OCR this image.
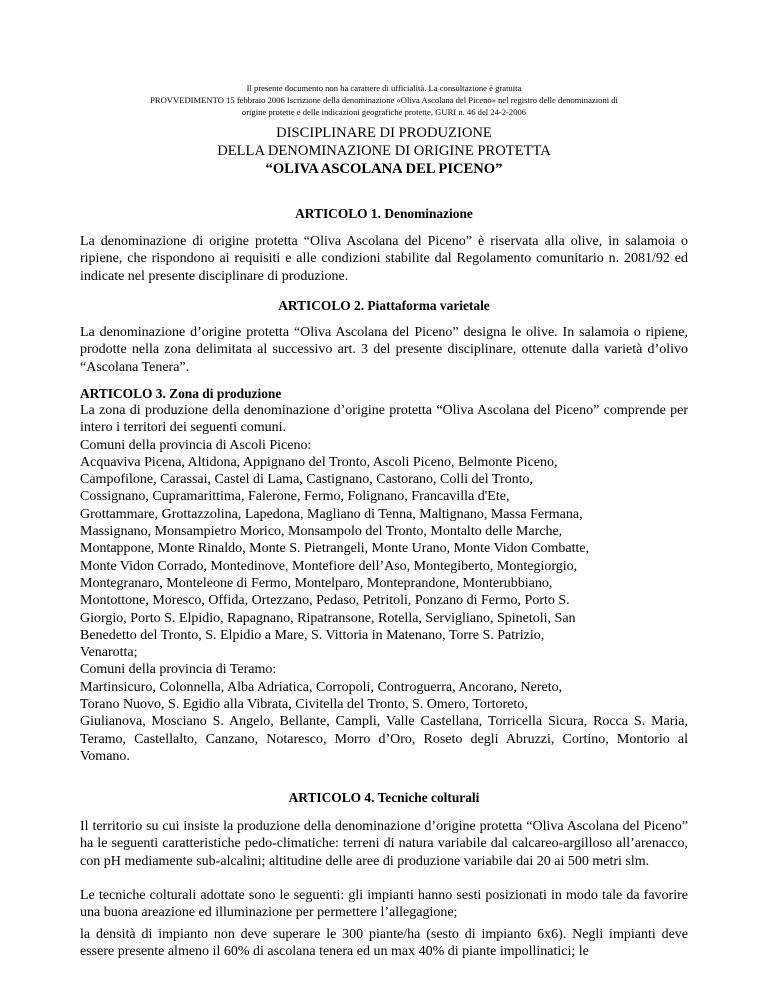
Il presente documento non ha carattere di ufficialità. La consultazione è gratuita
PROVVEDIMENTO 15 febbraio 2006 Iscrizione della denominazione «Oliva Ascolana del Piceno» nel registro delle denominazioni di
origine protette e delle indicazioni geografiche protette, GURI n. 46 del 24-2-2006
DISCIPLINARE DI PRODUZIONE
DELLA DENOMINAZIONE DI ORIGINE PROTETTA
“OLIVA ASCOLANA DEL PICENO”
ARTICOLO 1. Denominazione
La denominazione di origine protetta “Oliva Ascolana del Piceno” è riservata alla olive, in salamoia o ripiene, che rispondono ai requisiti e alle condizioni stabilite dal Regolamento comunitario n. 2081/92 ed indicate nel presente disciplinare di produzione.
ARTICOLO 2. Piattaforma varietale
La denominazione d’origine protetta “Oliva Ascolana del Piceno” designa le olive. In salamoia o ripiene, prodotte nella zona delimitata al successivo art. 3 del presente disciplinare, ottenute dalla varietà d’olivo “Ascolana Tenera”.
ARTICOLO 3. Zona di produzione
La zona di produzione della denominazione d’origine protetta “Oliva Ascolana del Piceno” comprende per intero i territori dei seguenti comuni.
Comuni della provincia di Ascoli Piceno:
Acquaviva Picena, Altidona, Appignano del Tronto, Ascoli Piceno, Belmonte Piceno,
Campofilone, Carassai, Castel di Lama, Castignano, Castorano, Colli del Tronto,
Cossignano, Cupramarittima, Falerone, Fermo, Folignano, Francavilla d'Ete,
Grottammare, Grottazzolina, Lapedona, Magliano di Tenna, Maltignano, Massa Fermana,
Massignano, Monsampietro Morico, Monsampolo del Tronto, Montalto delle Marche,
Montappone, Monte Rinaldo, Monte S. Pietrangeli, Monte Urano, Monte Vidon Combatte,
Monte Vidon Corrado, Montedinove, Montefiore dell’Aso, Montegiberto, Montegiorgio,
Montegranaro, Monteleone di Fermo, Montelparo, Monteprandone, Monterubbiano,
Montottone, Moresco, Offida, Ortezzano, Pedaso, Petritoli, Ponzano di Fermo, Porto S.
Giorgio, Porto S. Elpidio, Rapagnano, Ripatransone, Rotella, Servigliano, Spinetoli, San
Benedetto del Tronto, S. Elpidio a Mare, S. Vittoria in Matenano, Torre S. Patrizio,
Venarotta;
Comuni della provincia di Teramo:
Martinsicuro, Colonnella, Alba Adriatica, Corropoli, Controguerra, Ancorano, Nereto,
Torano Nuovo, S. Egidio alla Vibrata, Civitella del Tronto, S. Omero, Tortoreto,
Giulianova, Mosciano S. Angelo, Bellante, Campli, Valle Castellana, Torricella Sicura, Rocca S. Maria, Teramo, Castellalto, Canzano, Notaresco, Morro d’Oro, Roseto degli Abruzzi, Cortino, Montorio al Vomano.
ARTICOLO 4. Tecniche colturali
Il territorio su cui insiste la produzione della denominazione d’origine protetta “Oliva Ascolana del Piceno” ha le seguenti caratteristiche pedo-climatiche: terreni di natura variabile dal calcareo-argilloso all’arenacco, con pH mediamente sub-alcalini; altitudine delle aree di produzione variabile dai 20 ai 500 metri slm.
Le tecniche colturali adottate sono le seguenti: gli impianti hanno sesti posizionati in modo tale da favorire una buona areazione ed illuminazione per permettere l’allegagione;
la densità di impianto non deve superare le 300 piante/ha (sesto di impianto 6x6). Negli impianti deve essere presente almeno il 60% di ascolana tenera ed un max 40% di piante impollinatici; le
